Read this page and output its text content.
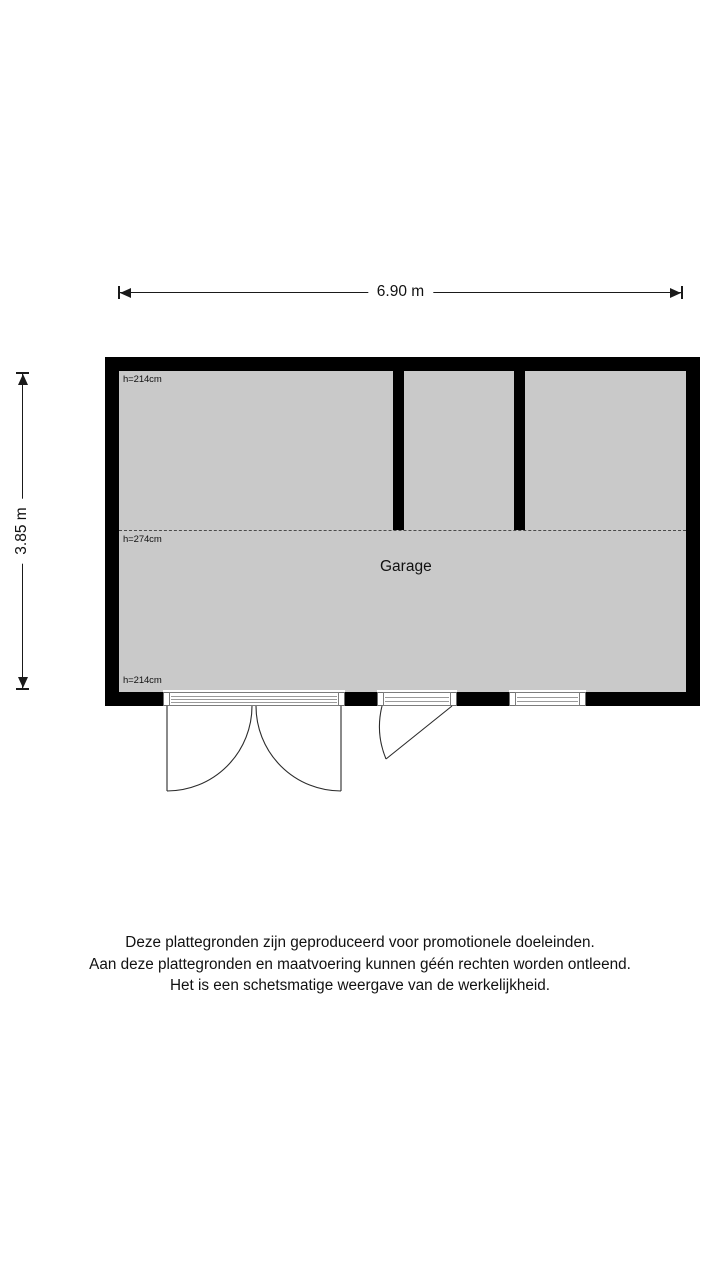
6.90 m
3.85 m
h=214cm
h=274cm
h=214cm
Garage
Deze plattegronden zijn geproduceerd voor promotionele doeleinden.
Aan deze plattegronden en maatvoering kunnen géén rechten worden ontleend.
Het is een schetsmatige weergave van de werkelijkheid.
